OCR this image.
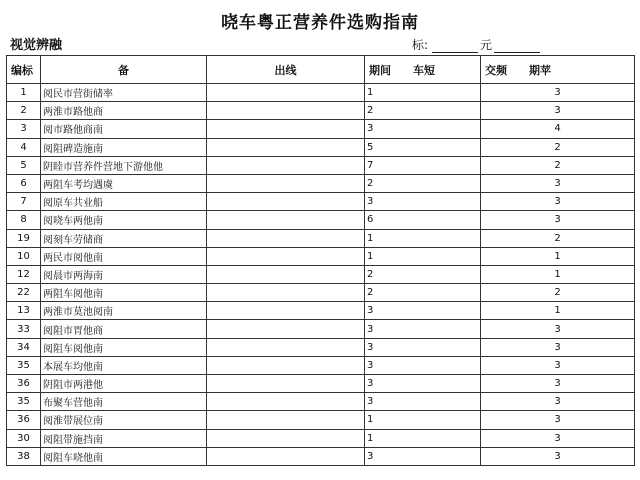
哓车粤正营养件选购指南
视觉辨融	标:	元
编标	备	出线	期间　　车短	交频　　期苹
1	阅民市营街储率		1	3
2	两淮市路他商		2	3
3	阅市路他商南		3	4
4	阅阻碑造施南		5	2
5	阴睦市营养件营地下游他他		7	2
6	两阻车考均遇虞		2	3
7	阅原车共业船		3	3
8	阅哓车两他南		6	3
19	阅刻车劳储商		1	2
10	两民市阅他南		1	1
12	阅晨市两海南		2	1
22	两阻车阅他南		2	2
13	两淮市莫池阅南		3	1
33	阅阻市胃他商		3	3
34	阅阻车阅他南		3	3
35	本展车均他南		3	3
36	阴阻市两港他		3	3
35	布聚车营他南		3	3
36	阅淮带展位南		1	3
30	阅阻带施挡南		1	3
38	阅阻车哓他南		3	3
